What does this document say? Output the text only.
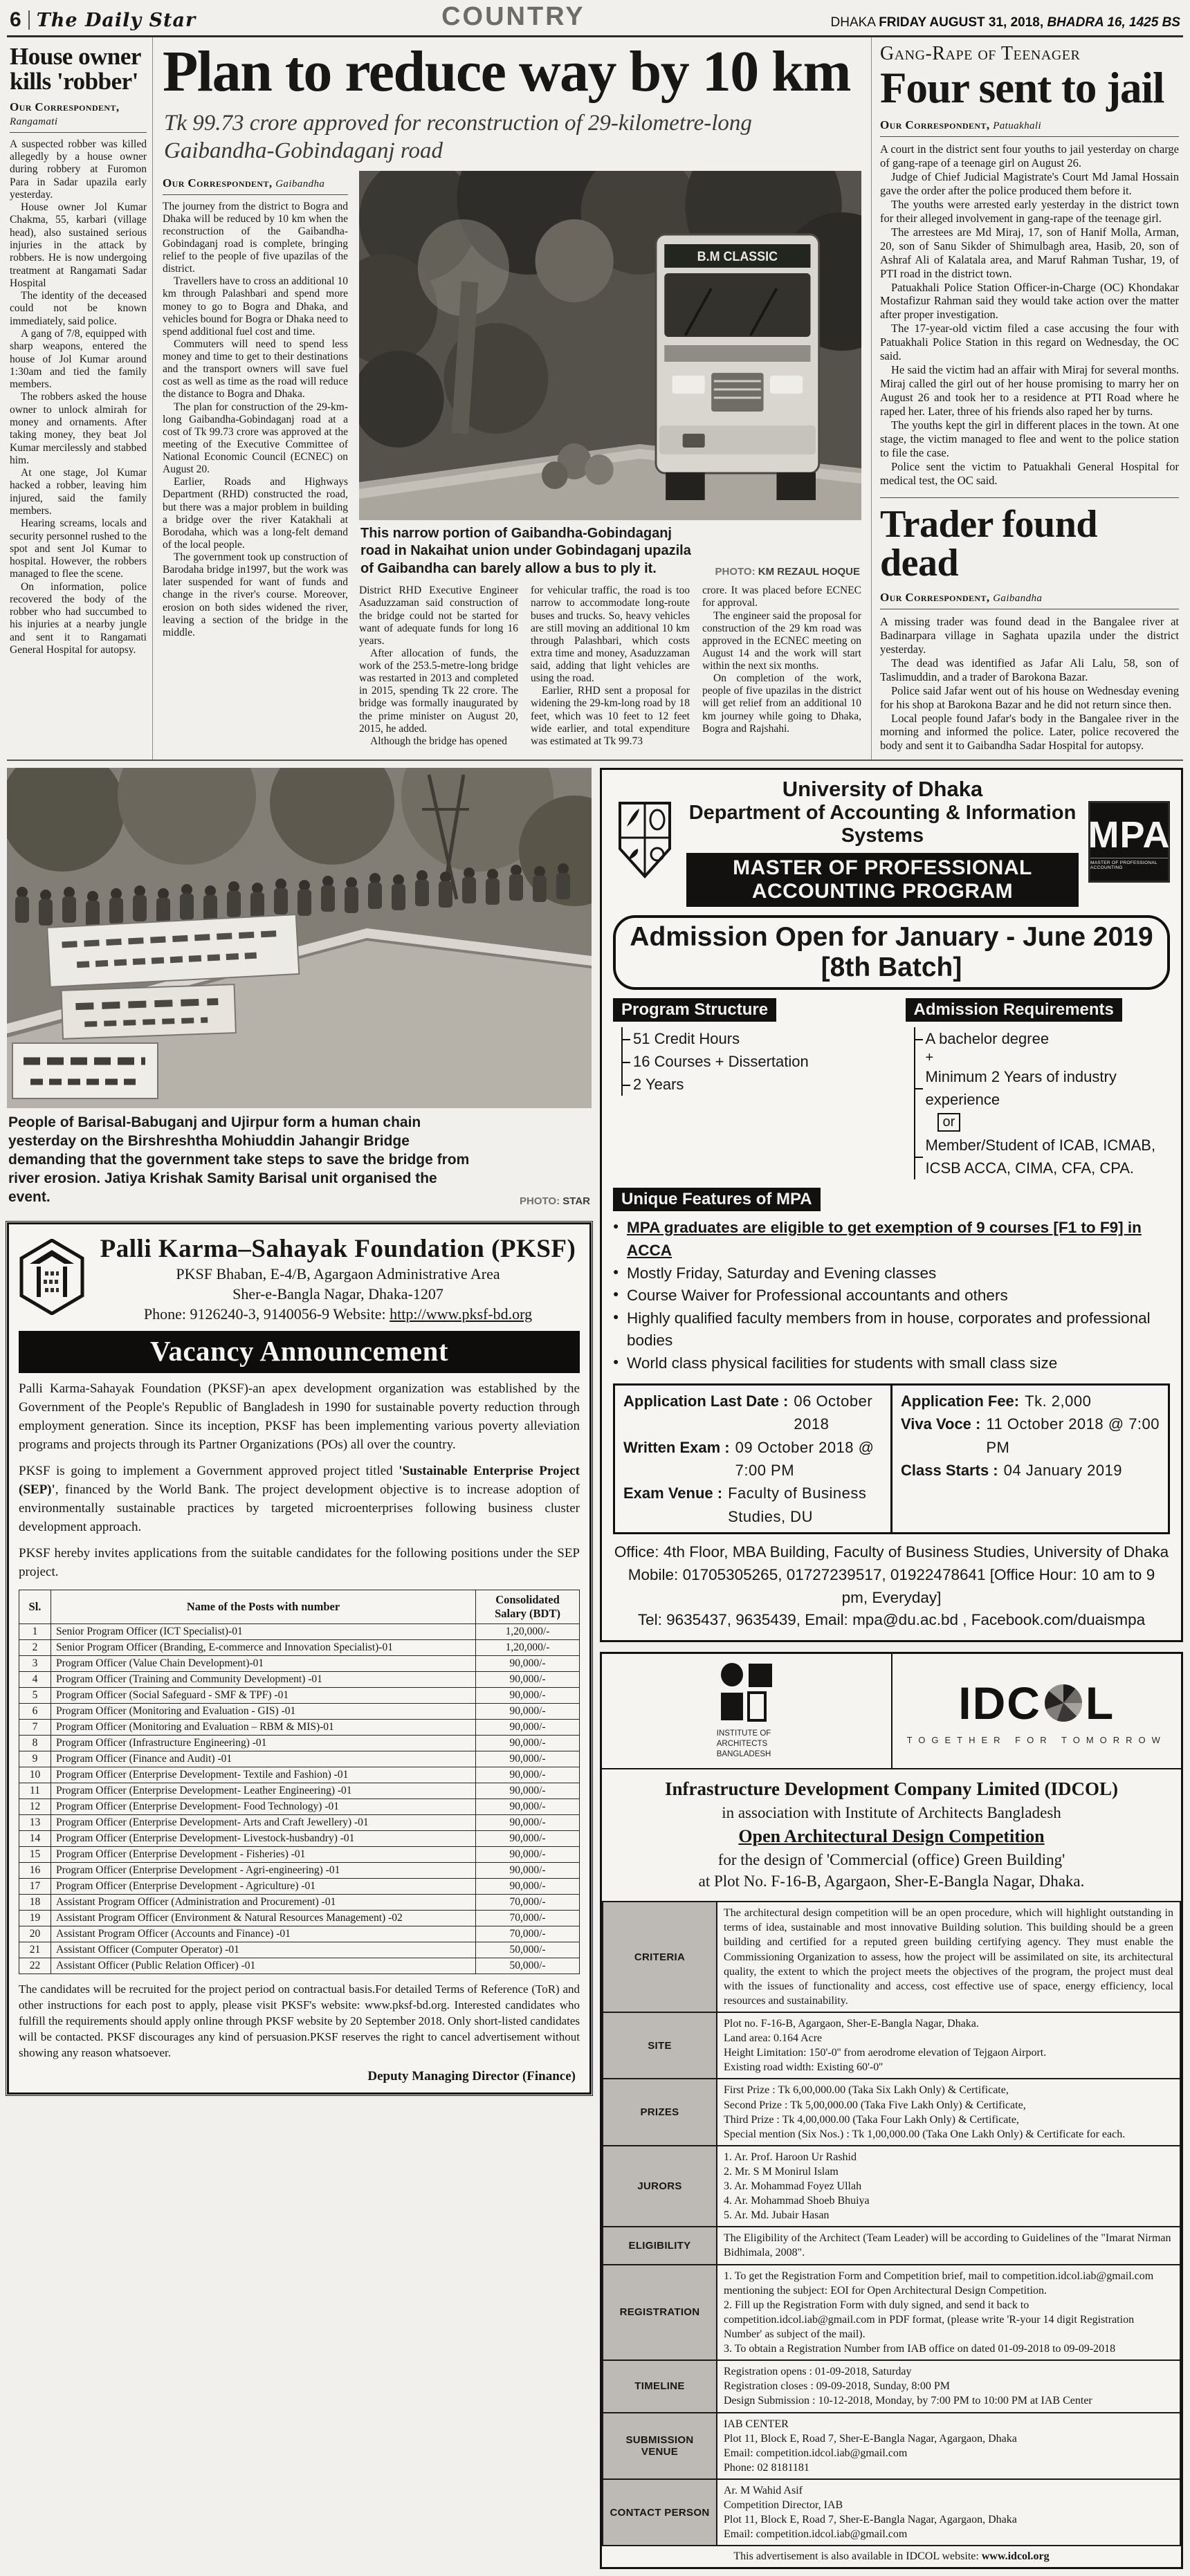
6 The Daily Star	COUNTRY	DHAKA FRIDAY AUGUST 31, 2018, BHADRA 16, 1425 BS
House owner kills 'robber'
Our Correspondent,
Rangamati

A suspected robber was killed allegedly by a house owner during robbery at Furomon Para in Sadar upazila early yesterday.

House owner Jol Kumar Chakma, 55, karbari (village head), also sustained serious injuries in the attack by robbers. He is now undergoing treatment at Rangamati Sadar Hospital

The identity of the deceased could not be known immediately, said police.

A gang of 7/8, equipped with sharp weapons, entered the house of Jol Kumar around 1:30am and tied the family members.

The robbers asked the house owner to unlock almirah for money and ornaments. After taking money, they beat Jol Kumar mercilessly and stabbed him.

At one stage, Jol Kumar hacked a robber, leaving him injured, said the family members.

Hearing screams, locals and security personnel rushed to the spot and sent Jol Kumar to hospital. However, the robbers managed to flee the scene.

On information, police recovered the body of the robber who had succumbed to his injuries at a nearby jungle and sent it to Rangamati General Hospital for autopsy.

Plan to reduce way by 10 km
Tk 99.73 crore approved for reconstruction of 29-kilometre-long Gaibandha-Gobindaganj road
Our Correspondent, Gaibandha

The journey from the district to Bogra and Dhaka will be reduced by 10 km when the reconstruction of the Gaibandha-Gobindaganj road is complete, bringing relief to the people of five upazilas of the district.

Travellers have to cross an additional 10 km through Palashbari and spend more money to go to Bogra and Dhaka, and vehicles bound for Bogra or Dhaka need to spend additional fuel cost and time.

Commuters will need to spend less money and time to get to their destinations and the transport owners will save fuel cost as well as time as the road will reduce the distance to Bogra and Dhaka.

The plan for construction of the 29-km-long Gaibandha-Gobindaganj road at a cost of Tk 99.73 crore was approved at the meeting of the Executive Committee of National Economic Council (ECNEC) on August 20.

Earlier, Roads and Highways Department (RHD) constructed the road, but there was a major problem in building a bridge over the river Katakhali at Borodaha, which was a long-felt demand of the local people.

The government took up construction of Barodaha bridge in1997, but the work was later suspended for want of funds and change in the river's course. Moreover, erosion on both sides widened the river, leaving a section of the bridge in the middle.

B.M CLASSIC
This narrow portion of Gaibandha-Gobindaganj road in Nakaihat union under Gobindaganj upazila of Gaibandha can barely allow a bus to ply it.	PHOTO: KM REZAUL HOQUE

District RHD Executive Engineer Asaduzzaman said construction of the bridge could not be started for want of adequate funds for long 16 years.

After allocation of funds, the work of the 253.5-metre-long bridge was restarted in 2013 and completed in 2015, spending Tk 22 crore. The bridge was formally inaugurated by the prime minister on August 20, 2015, he added.

Although the bridge has opened

for vehicular traffic, the road is too narrow to accommodate long-route buses and trucks. So, heavy vehicles are still moving an additional 10 km through Palashbari, which costs extra time and money, Asaduzzaman said, adding that light vehicles are using the road.

Earlier, RHD sent a proposal for widening the 29-km-long road by 18 feet, which was 10 feet to 12 feet wide earlier, and total expenditure was estimated at Tk 99.73

crore. It was placed before ECNEC for approval.

The engineer said the proposal for construction of the 29 km road was approved in the ECNEC meeting on August 14 and the work will start within the next six months.

On completion of the work, people of five upazilas in the district will get relief from an additional 10 km journey while going to Dhaka, Bogra and Rajshahi.

Gang-Rape of Teenager
Four sent to jail
Our Correspondent, Patuakhali

A court in the district sent four youths to jail yesterday on charge of gang-rape of a teenage girl on August 26.

Judge of Chief Judicial Magistrate's Court Md Jamal Hossain gave the order after the police produced them before it.

The youths were arrested early yesterday in the district town for their alleged involvement in gang-rape of the teenage girl.

The arrestees are Md Miraj, 17, son of Hanif Molla, Arman, 20, son of Sanu Sikder of Shimulbagh area, Hasib, 20, son of Ashraf Ali of Kalatala area, and Maruf Rahman Tushar, 19, of PTI road in the district town.

Patuakhali Police Station Officer-in-Charge (OC) Khondakar Mostafizur Rahman said they would take action over the matter after proper investigation.

The 17-year-old victim filed a case accusing the four with Patuakhali Police Station in this regard on Wednesday, the OC said.

He said the victim had an affair with Miraj for several months. Miraj called the girl out of her house promising to marry her on August 26 and took her to a residence at PTI Road where he raped her. Later, three of his friends also raped her by turns.

The youths kept the girl in different places in the town. At one stage, the victim managed to flee and went to the police station to file the case.

Police sent the victim to Patuakhali General Hospital for medical test, the OC said.

Trader found dead
Our Correspondent, Gaibandha

A missing trader was found dead in the Bangalee river at Badinarpara village in Saghata upazila under the district yesterday.

The dead was identified as Jafar Ali Lalu, 58, son of Taslimuddin, and a trader of Barokona Bazar.

Police said Jafar went out of his house on Wednesday evening for his shop at Barokona Bazar and he did not return since then.

Local people found Jafar's body in the Bangalee river in the morning and informed the police. Later, police recovered the body and sent it to Gaibandha Sadar Hospital for autopsy.

People of Barisal-Babuganj and Ujirpur form a human chain yesterday on the Birshreshtha Mohiuddin Jahangir Bridge demanding that the government take steps to save the bridge from river erosion. Jatiya Krishak Samity Barisal unit organised the event.	PHOTO: STAR
Palli Karma–Sahayak Foundation (PKSF)
PKSF Bhaban, E-4/B, Agargaon Administrative Area
Sher-e-Bangla Nagar, Dhaka-1207
Phone: 9126240-3, 9140056-9 Website: http://www.pksf-bd.org
Vacancy Announcement

Palli Karma-Sahayak Foundation (PKSF)-an apex development organization was established by the Government of the People's Republic of Bangladesh in 1990 for sustainable poverty reduction through employment generation. Since its inception, PKSF has been implementing various poverty alleviation programs and projects through its Partner Organizations (POs) all over the country.

PKSF is going to implement a Government approved project titled 'Sustainable Enterprise Project (SEP)', financed by the World Bank. The project development objective is to increase adoption of environmentally sustainable practices by targeted microenterprises following business cluster development approach.

PKSF hereby invites applications from the suitable candidates for the following positions under the SEP project.

Sl.	Name of the Posts with number	Consolidated Salary (BDT)
1	Senior Program Officer (ICT Specialist)-01	1,20,000/-
2	Senior Program Officer (Branding, E-commerce and Innovation Specialist)-01	1,20,000/-
3	Program Officer (Value Chain Development)-01	90,000/-
4	Program Officer (Training and Community Development) -01	90,000/-
5	Program Officer (Social Safeguard - SMF & TPF) -01	90,000/-
6	Program Officer (Monitoring and Evaluation - GIS) -01	90,000/-
7	Program Officer (Monitoring and Evaluation – RBM & MIS)-01	90,000/-
8	Program Officer (Infrastructure Engineering) -01	90,000/-
9	Program Officer (Finance and Audit) -01	90,000/-
10	Program Officer (Enterprise Development- Textile and Fashion) -01	90,000/-
11	Program Officer (Enterprise Development- Leather Engineering) -01	90,000/-
12	Program Officer (Enterprise Development- Food Technology) -01	90,000/-
13	Program Officer (Enterprise Development- Arts and Craft Jewellery) -01	90,000/-
14	Program Officer (Enterprise Development- Livestock-husbandry) -01	90,000/-
15	Program Officer (Enterprise Development - Fisheries) -01	90,000/-
16	Program Officer (Enterprise Development - Agri-engineering) -01	90,000/-
17	Program Officer (Enterprise Development - Agriculture) -01	90,000/-
18	Assistant Program Officer (Administration and Procurement) -01	70,000/-
19	Assistant Program Officer (Environment & Natural Resources Management) -02	70,000/-
20	Assistant Program Officer (Accounts and Finance) -01	70,000/-
21	Assistant Officer (Computer Operator) -01	50,000/-
22	Assistant Officer (Public Relation Officer) -01	50,000/-
The candidates will be recruited for the project period on contractual basis.For detailed Terms of Reference (ToR) and other instructions for each post to apply, please visit PKSF's website: www.pksf-bd.org. Interested candidates who fulfill the requirements should apply online through PKSF website by 20 September 2018. Only short-listed candidates will be contacted. PKSF discourages any kind of persuasion.PKSF reserves the right to cancel advertisement without showing any reason whatsoever.
Deputy Managing Director (Finance)
University of Dhaka
Department of Accounting & Information Systems
MASTER OF PROFESSIONAL ACCOUNTING PROGRAM
MPA
MASTER OF PROFESSIONAL ACCOUNTING
Admission Open for January - June 2019 [8th Batch]
Program Structure
51 Credit Hours
16 Courses + Dissertation
2 Years
Admission Requirements
A bachelor degree
+
Minimum 2 Years of industry experience
or
Member/Student of ICAB, ICMAB, ICSB ACCA, CIMA, CFA, CPA.
Unique Features of MPA
● MPA graduates are eligible to get exemption of 9 courses [F1 to F9] in ACCA
● Mostly Friday, Saturday and Evening classes
● Course Waiver for Professional accountants and others
● Highly qualified faculty members from in house, corporates and professional bodies
● World class physical facilities for students with small class size
Application Last Date : 06 October 2018
Written Exam : 09 October 2018 @ 7:00 PM
Exam Venue : Faculty of Business Studies, DU
Application Fee: Tk. 2,000
Viva Voce : 11 October 2018 @ 7:00 PM
Class Starts : 04 January 2019
Office: 4th Floor, MBA Building, Faculty of Business Studies, University of Dhaka
Mobile: 01705305265, 01727239517, 01922478641 [Office Hour: 10 am to 9 pm, Everyday]
Tel: 9635437, 9635439, Email: mpa@du.ac.bd , Facebook.com/duaismpa
INSTITUTE OF
ARCHITECTS
BANGLADESH
IDC L
TOGETHER FOR TOMORROW
Infrastructure Development Company Limited (IDCOL)
in association with Institute of Architects Bangladesh
Open Architectural Design Competition
for the design of 'Commercial (office) Green Building'
at Plot No. F-16-B, Agargaon, Sher-E-Bangla Nagar, Dhaka.
CRITERIA	The architectural design competition will be an open procedure, which will highlight outstanding in terms of idea, sustainable and most innovative Building solution. This building should be a green building and certified for a reputed green building certifying agency. They must enable the Commissioning Organization to assess, how the project will be assimilated on site, its architectural quality, the extent to which the project meets the objectives of the program, the project must deal with the issues of functionality and access, cost effective use of space, energy efficiency, local resources and sustainability.

SITE	Plot no. F-16-B, Agargaon, Sher-E-Bangla Nagar, Dhaka.
Land area: 0.164 Acre
Height Limitation: 150'-0'' from aerodrome elevation of Tejgaon Airport.
Existing road width: Existing 60'-0''

PRIZES	First Prize : Tk 6,00,000.00 (Taka Six Lakh Only) & Certificate,
Second Prize : Tk 5,00,000.00 (Taka Five Lakh Only) & Certificate,
Third Prize : Tk 4,00,000.00 (Taka Four Lakh Only) & Certificate,
Special mention (Six Nos.) : Tk 1,00,000.00 (Taka One Lakh Only) & Certificate for each.

JURORS	1. Ar. Prof. Haroon Ur Rashid
2. Mr. S M Monirul Islam
3. Ar. Mohammad Foyez Ullah
4. Ar. Mohammad Shoeb Bhuiya
5. Ar. Md. Jubair Hasan

ELIGIBILITY	The Eligibility of the Architect (Team Leader) will be according to Guidelines of the "Imarat Nirman Bidhimala, 2008".

REGISTRATION	1. To get the Registration Form and Competition brief, mail to competition.idcol.iab@gmail.com mentioning the subject: EOI for Open Architectural Design Competition.
2. Fill up the Registration Form with duly signed, and send it back to competition.idcol.iab@gmail.com in PDF format, (please write 'R-your 14 digit Registration Number' as subject of the mail).
3. To obtain a Registration Number from IAB office on dated 01-09-2018 to 09-09-2018

TIMELINE	Registration opens : 01-09-2018, Saturday
Registration closes : 09-09-2018, Sunday, 8:00 PM
Design Submission : 10-12-2018, Monday, by 7:00 PM to 10:00 PM at IAB Center

SUBMISSION VENUE	IAB CENTER
Plot 11, Block E, Road 7, Sher-E-Bangla Nagar, Agargaon, Dhaka
Email: competition.idcol.iab@gmail.com
Phone: 02 8181181

CONTACT PERSON	Ar. M Wahid Asif
Competition Director, IAB
Plot 11, Block E, Road 7, Sher-E-Bangla Nagar, Agargaon, Dhaka
Email: competition.idcol.iab@gmail.com
This advertisement is also available in IDCOL website: www.idcol.org
